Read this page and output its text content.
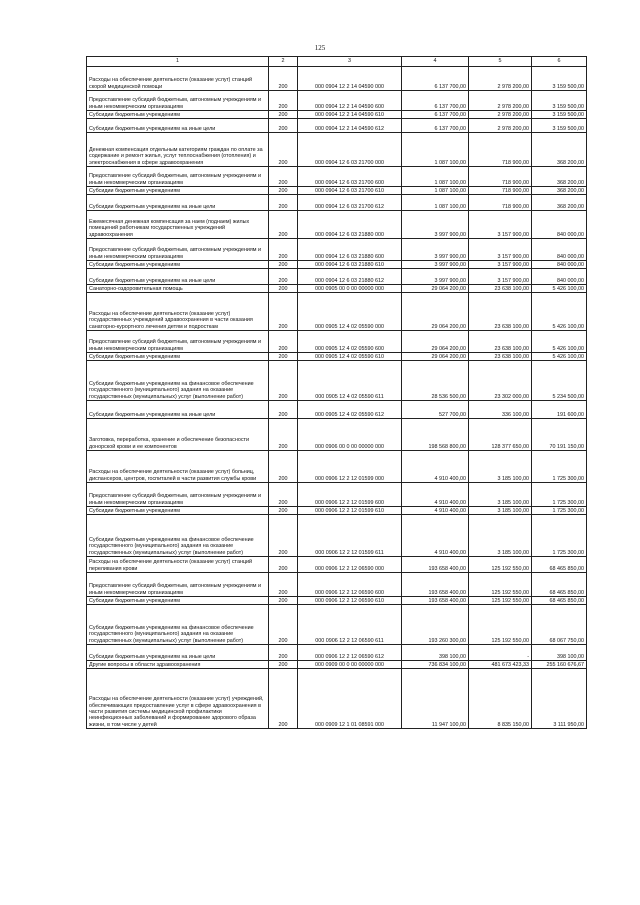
125
1	2	3	4	5	6
Расходы на обеспечение деятельности (оказание услуг) станций скорой медицинской помощи	200	000 0904 12 2 14 04590 000	6 137 700,00	2 978 200,00	3 159 500,00
Предоставление субсидий бюджетным, автономным учреждениям и иным некоммерческим организациям	200	000 0904 12 2 14 04590 600	6 137 700,00	2 978 200,00	3 159 500,00
Субсидии бюджетным учреждениям	200	000 0904 12 2 14 04590 610	6 137 700,00	2 978 200,00	3 159 500,00
Субсидии бюджетным учреждениям на иные цели	200	000 0904 12 2 14 04590 612	6 137 700,00	2 978 200,00	3 159 500,00
Денежная компенсация отдельным категориям граждан по оплате за содержание и ремонт жилья, услуг теплоснабжения (отопления) и электроснабжения в сфере здравоохранения	200	000 0904 12 6 03 21700 000	1 087 100,00	718 900,00	368 200,00
Предоставление субсидий бюджетным, автономным учреждениям и иным некоммерческим организациям	200	000 0904 12 6 03 21700 600	1 087 100,00	718 900,00	368 200,00
Субсидии бюджетным учреждениям	200	000 0904 12 6 03 21700 610	1 087 100,00	718 900,00	368 200,00
Субсидии бюджетным учреждениям на иные цели	200	000 0904 12 6 03 21700 612	1 087 100,00	718 900,00	368 200,00
Ежемесячная денежная компенсация за наем (поднаем) жилых помещений работникам государственных учреждений здравоохранения	200	000 0904 12 6 03 21880 000	3 997 900,00	3 157 900,00	840 000,00
Предоставление субсидий бюджетным, автономным учреждениям и иным некоммерческим организациям	200	000 0904 12 6 03 21880 600	3 997 900,00	3 157 900,00	840 000,00
Субсидии бюджетным учреждениям	200	000 0904 12 6 03 21880 610	3 997 900,00	3 157 900,00	840 000,00
Субсидии бюджетным учреждениям на иные цели	200	000 0904 12 6 03 21880 612	3 997 900,00	3 157 900,00	840 000,00
Санаторно-оздоровительная помощь	200	000 0905 00 0 00 00000 000	29 064 200,00	23 638 100,00	5 426 100,00
Расходы на обеспечение деятельности (оказание услуг) государственных учреждений здравоохранения в части оказания санаторно-курортного лечения детям и подросткам	200	000 0905 12 4 02 05590 000	29 064 200,00	23 638 100,00	5 426 100,00
Предоставление субсидий бюджетным, автономным учреждениям и иным некоммерческим организациям	200	000 0905 12 4 02 05590 600	29 064 200,00	23 638 100,00	5 426 100,00
Субсидии бюджетным учреждениям	200	000 0905 12 4 02 05590 610	29 064 200,00	23 638 100,00	5 426 100,00
Субсидии бюджетным учреждениям на финансовое обеспечение государственного (муниципального) задания на оказание государственных (муниципальных) услуг (выполнение работ)	200	000 0905 12 4 02 05590 611	28 536 500,00	23 302 000,00	5 234 500,00
Субсидии бюджетным учреждениям на иные цели	200	000 0905 12 4 02 05590 612	527 700,00	336 100,00	191 600,00
Заготовка, переработка, хранение и обеспечение безопасности донорской крови и ее компонентов	200	000 0906 00 0 00 00000 000	198 568 800,00	128 377 650,00	70 191 150,00
Расходы на обеспечение деятельности (оказание услуг) больниц, диспансеров, центров, госпиталей в части развития службы крови	200	000 0906 12 2 12 01599 000	4 910 400,00	3 185 100,00	1 725 300,00
Предоставление субсидий бюджетным, автономным учреждениям и иным некоммерческим организациям	200	000 0906 12 2 12 01599 600	4 910 400,00	3 185 100,00	1 725 300,00
Субсидии бюджетным учреждениям	200	000 0906 12 2 12 01599 610	4 910 400,00	3 185 100,00	1 725 300,00
Субсидии бюджетным учреждениям на финансовое обеспечение государственного (муниципального) задания на оказание государственных (муниципальных) услуг (выполнение работ)	200	000 0906 12 2 12 01599 611	4 910 400,00	3 185 100,00	1 725 300,00
Расходы на обеспечение деятельности (оказание услуг) станций переливания крови	200	000 0906 12 2 12 06590 000	193 658 400,00	125 192 550,00	68 465 850,00
Предоставление субсидий бюджетным, автономным учреждениям и иным некоммерческим организациям	200	000 0906 12 2 12 06590 600	193 658 400,00	125 192 550,00	68 465 850,00
Субсидии бюджетным учреждениям	200	000 0906 12 2 12 06590 610	193 658 400,00	125 192 550,00	68 465 850,00
Субсидии бюджетным учреждениям на финансовое обеспечение государственного (муниципального) задания на оказание государственных (муниципальных) услуг (выполнение работ)	200	000 0906 12 2 12 06590 611	193 260 300,00	125 192 550,00	68 067 750,00
Субсидии бюджетным учреждениям на иные цели	200	000 0906 12 2 12 06590 612	398 100,00	-	398 100,00
Другие вопросы в области здравоохранения	200	000 0909 00 0 00 00000 000	736 834 100,00	481 673 423,33	255 160 676,67
Расходы на обеспечение деятельности (оказание услуг) учреждений, обеспечивающих предоставление услуг в сфере здравоохранения в части развития системы медицинской профилактики неинфекционных заболеваний и формирование здорового образа жизни, в том числе у детей	200	000 0909 12 1 01 08591 000	11 947 100,00	8 835 150,00	3 111 950,00
